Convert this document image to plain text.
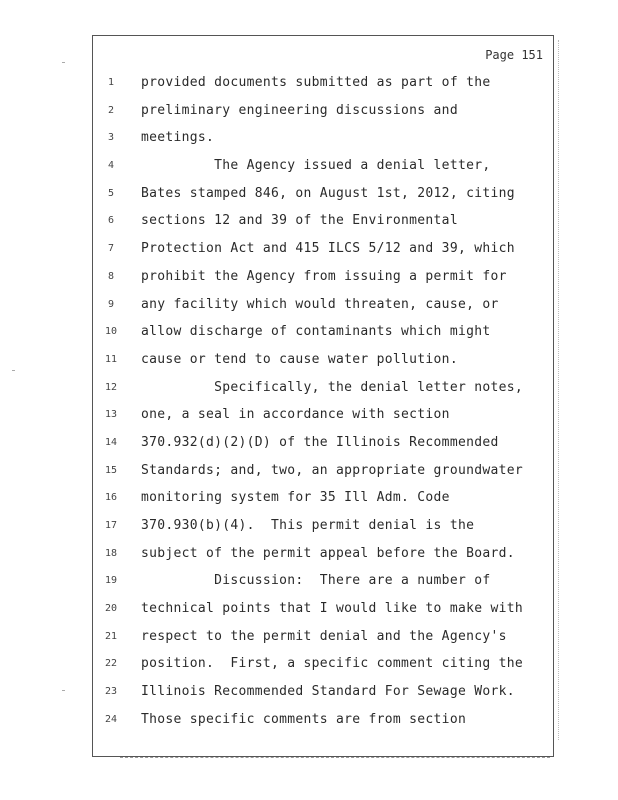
Page 151
1	provided documents submitted as part of the
2	preliminary engineering discussions and
3	meetings.
4	The Agency issued a denial letter,
5	Bates stamped 846, on August 1st, 2012, citing
6	sections 12 and 39 of the Environmental
7	Protection Act and 415 ILCS 5/12 and 39, which
8	prohibit the Agency from issuing a permit for
9	any facility which would threaten, cause, or
10	allow discharge of contaminants which might
11	cause or tend to cause water pollution.
12	Specifically, the denial letter notes,
13	one, a seal in accordance with section
14	370.932(d)(2)(D) of the Illinois Recommended
15	Standards; and, two, an appropriate groundwater
16	monitoring system for 35 Ill Adm. Code
17	370.930(b)(4).  This permit denial is the
18	subject of the permit appeal before the Board.
19	Discussion:  There are a number of
20	technical points that I would like to make with
21	respect to the permit denial and the Agency's
22	position.  First, a specific comment citing the
23	Illinois Recommended Standard For Sewage Work.
24	Those specific comments are from section
